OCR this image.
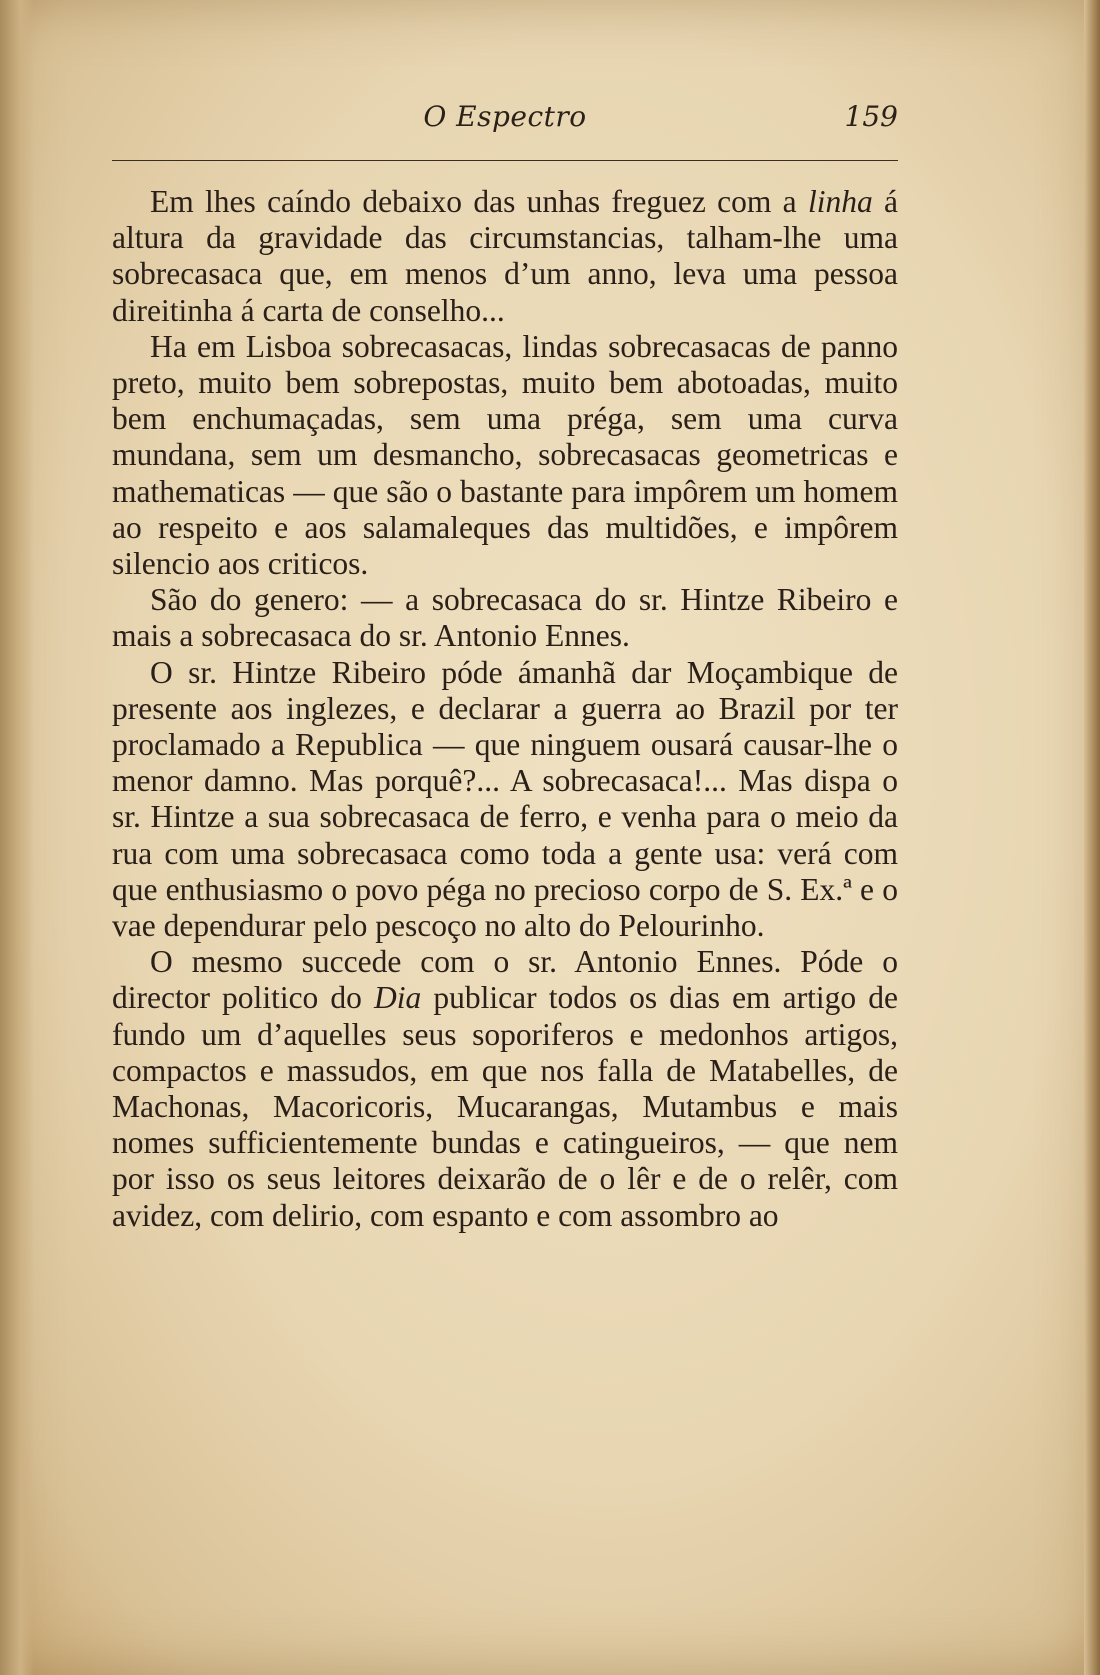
O Espectro	159

Em lhes caíndo debaixo das unhas freguez com a linha á altura da gravidade das circumstancias, talham-lhe uma sobrecasaca que, em menos d’um anno, leva uma pessoa direitinha á carta de conselho...

Ha em Lisboa sobrecasacas, lindas sobrecasacas de panno preto, muito bem sobrepostas, muito bem abotoadas, muito bem enchumaçadas, sem uma préga, sem uma curva mundana, sem um desmancho, sobrecasacas geometricas e mathematicas — que são o bastante para impôrem um homem ao respeito e aos salamaleques das multidões, e impôrem silencio aos criticos.

São do genero: — a sobrecasaca do sr. Hintze Ribeiro e mais a sobrecasaca do sr. Antonio Ennes.

O sr. Hintze Ribeiro póde ámanhã dar Moçambique de presente aos inglezes, e declarar a guerra ao Brazil por ter proclamado a Republica — que ninguem ousará causar-lhe o menor damno. Mas porquê?... A sobrecasaca!... Mas dispa o sr. Hintze a sua sobrecasaca de ferro, e venha para o meio da rua com uma sobrecasaca como toda a gente usa: verá com que enthusiasmo o povo péga no precioso corpo de S. Ex.ª e o vae dependurar pelo pescoço no alto do Pelourinho.

O mesmo succede com o sr. Antonio Ennes. Póde o director politico do Dia publicar todos os dias em artigo de fundo um d’aquelles seus soporiferos e medonhos artigos, compactos e massudos, em que nos falla de Matabelles, de Machonas, Macoricoris, Mucarangas, Mutambus e mais nomes sufficientemente bundas e catingueiros, — que nem por isso os seus leitores deixarão de o lêr e de o relêr, com avidez, com delirio, com espanto e com assombro ao
